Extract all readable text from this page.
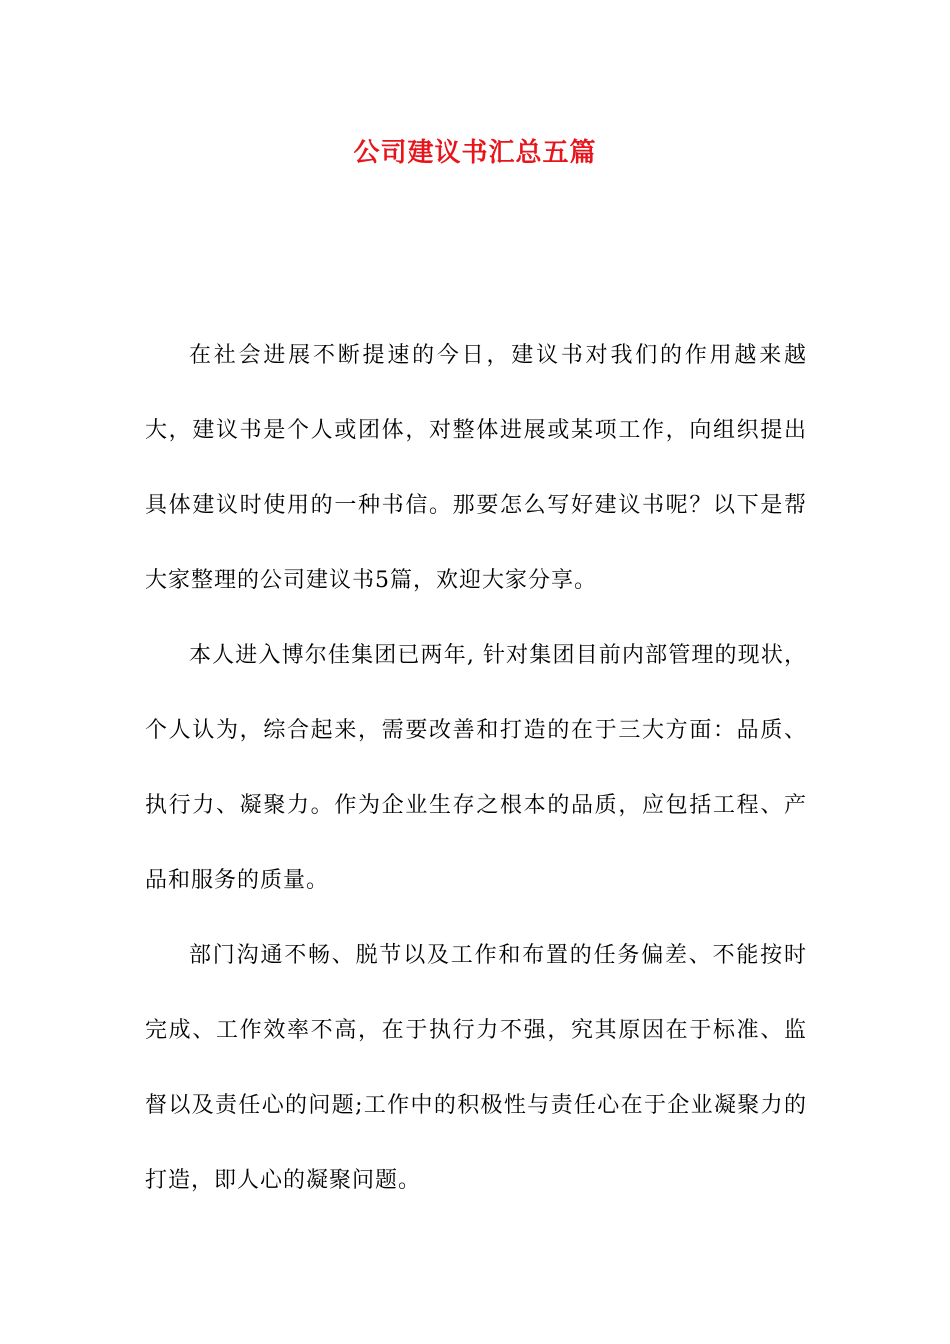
公司建议书汇总五篇

在社会进展不断提速的今日，建议书对我们的作用越来越大，建议书是个人或团体，对整体进展或某项工作，向组织提出具体建议时使用的一种书信。那要怎么写好建议书呢？以下是帮大家整理的公司建议书5篇，欢迎大家分享。

本人进入博尔佳集团已两年, 针对集团目前内部管理的现状，个人认为，综合起来，需要改善和打造的在于三大方面：品质、执行力、凝聚力。作为企业生存之根本的品质，应包括工程、产品和服务的质量。

部门沟通不畅、脱节以及工作和布置的任务偏差、不能按时完成、工作效率不高，在于执行力不强，究其原因在于标准、监督以及责任心的问题;工作中的积极性与责任心在于企业凝聚力的打造，即人心的凝聚问题。
